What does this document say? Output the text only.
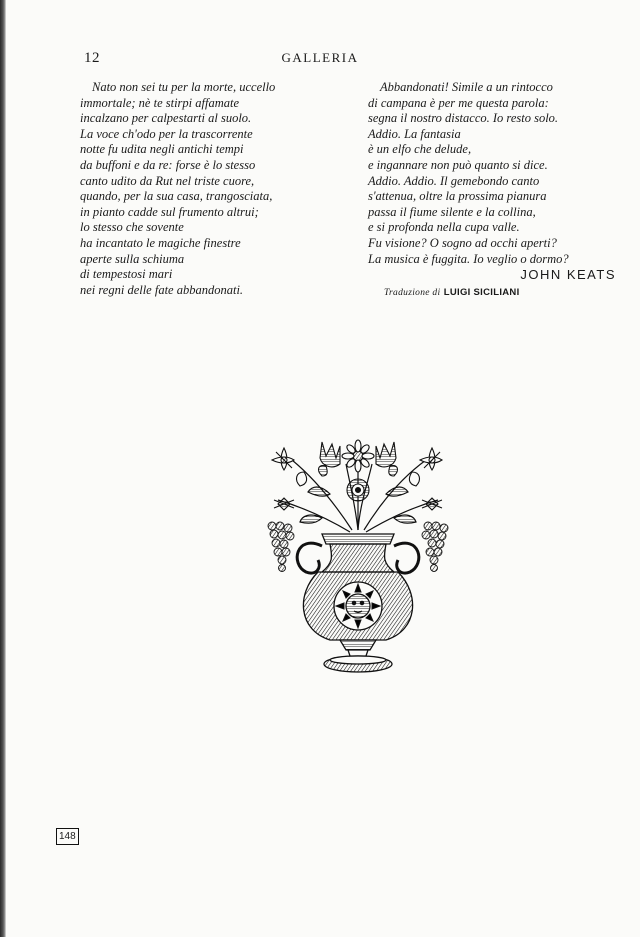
12	GALLERIA
Nato non sei tu per la morte, uccello
immortale; nè te stirpi affamate
incalzano per calpestarti al suolo.
La voce ch'odo per la trascorrente
notte fu udita negli antichi tempi
da buffoni e da re: forse è lo stesso
canto udito da Rut nel triste cuore,
quando, per la sua casa, trangosciata,
in pianto cadde sul frumento altrui;
lo stesso che sovente
ha incantato le magiche finestre
aperte sulla schiuma
di tempestosi mari
nei regni delle fate abbandonati.
Abbandonati! Simile a un rintocco
di campana è per me questa parola:
segna il nostro distacco. Io resto solo.
Addio. La fantasia
è un elfo che delude,
e ingannare non può quanto si dice.
Addio. Addio. Il gemebondo canto
s'attenua, oltre la prossima pianura
passa il fiume silente e la collina,
e si profonda nella cupa valle.
Fu visione? O sogno ad occhi aperti?
La musica è fuggita. Io veglio o dormo?
JOHN KEATS
Traduzione di LUIGI SICILIANI
148
